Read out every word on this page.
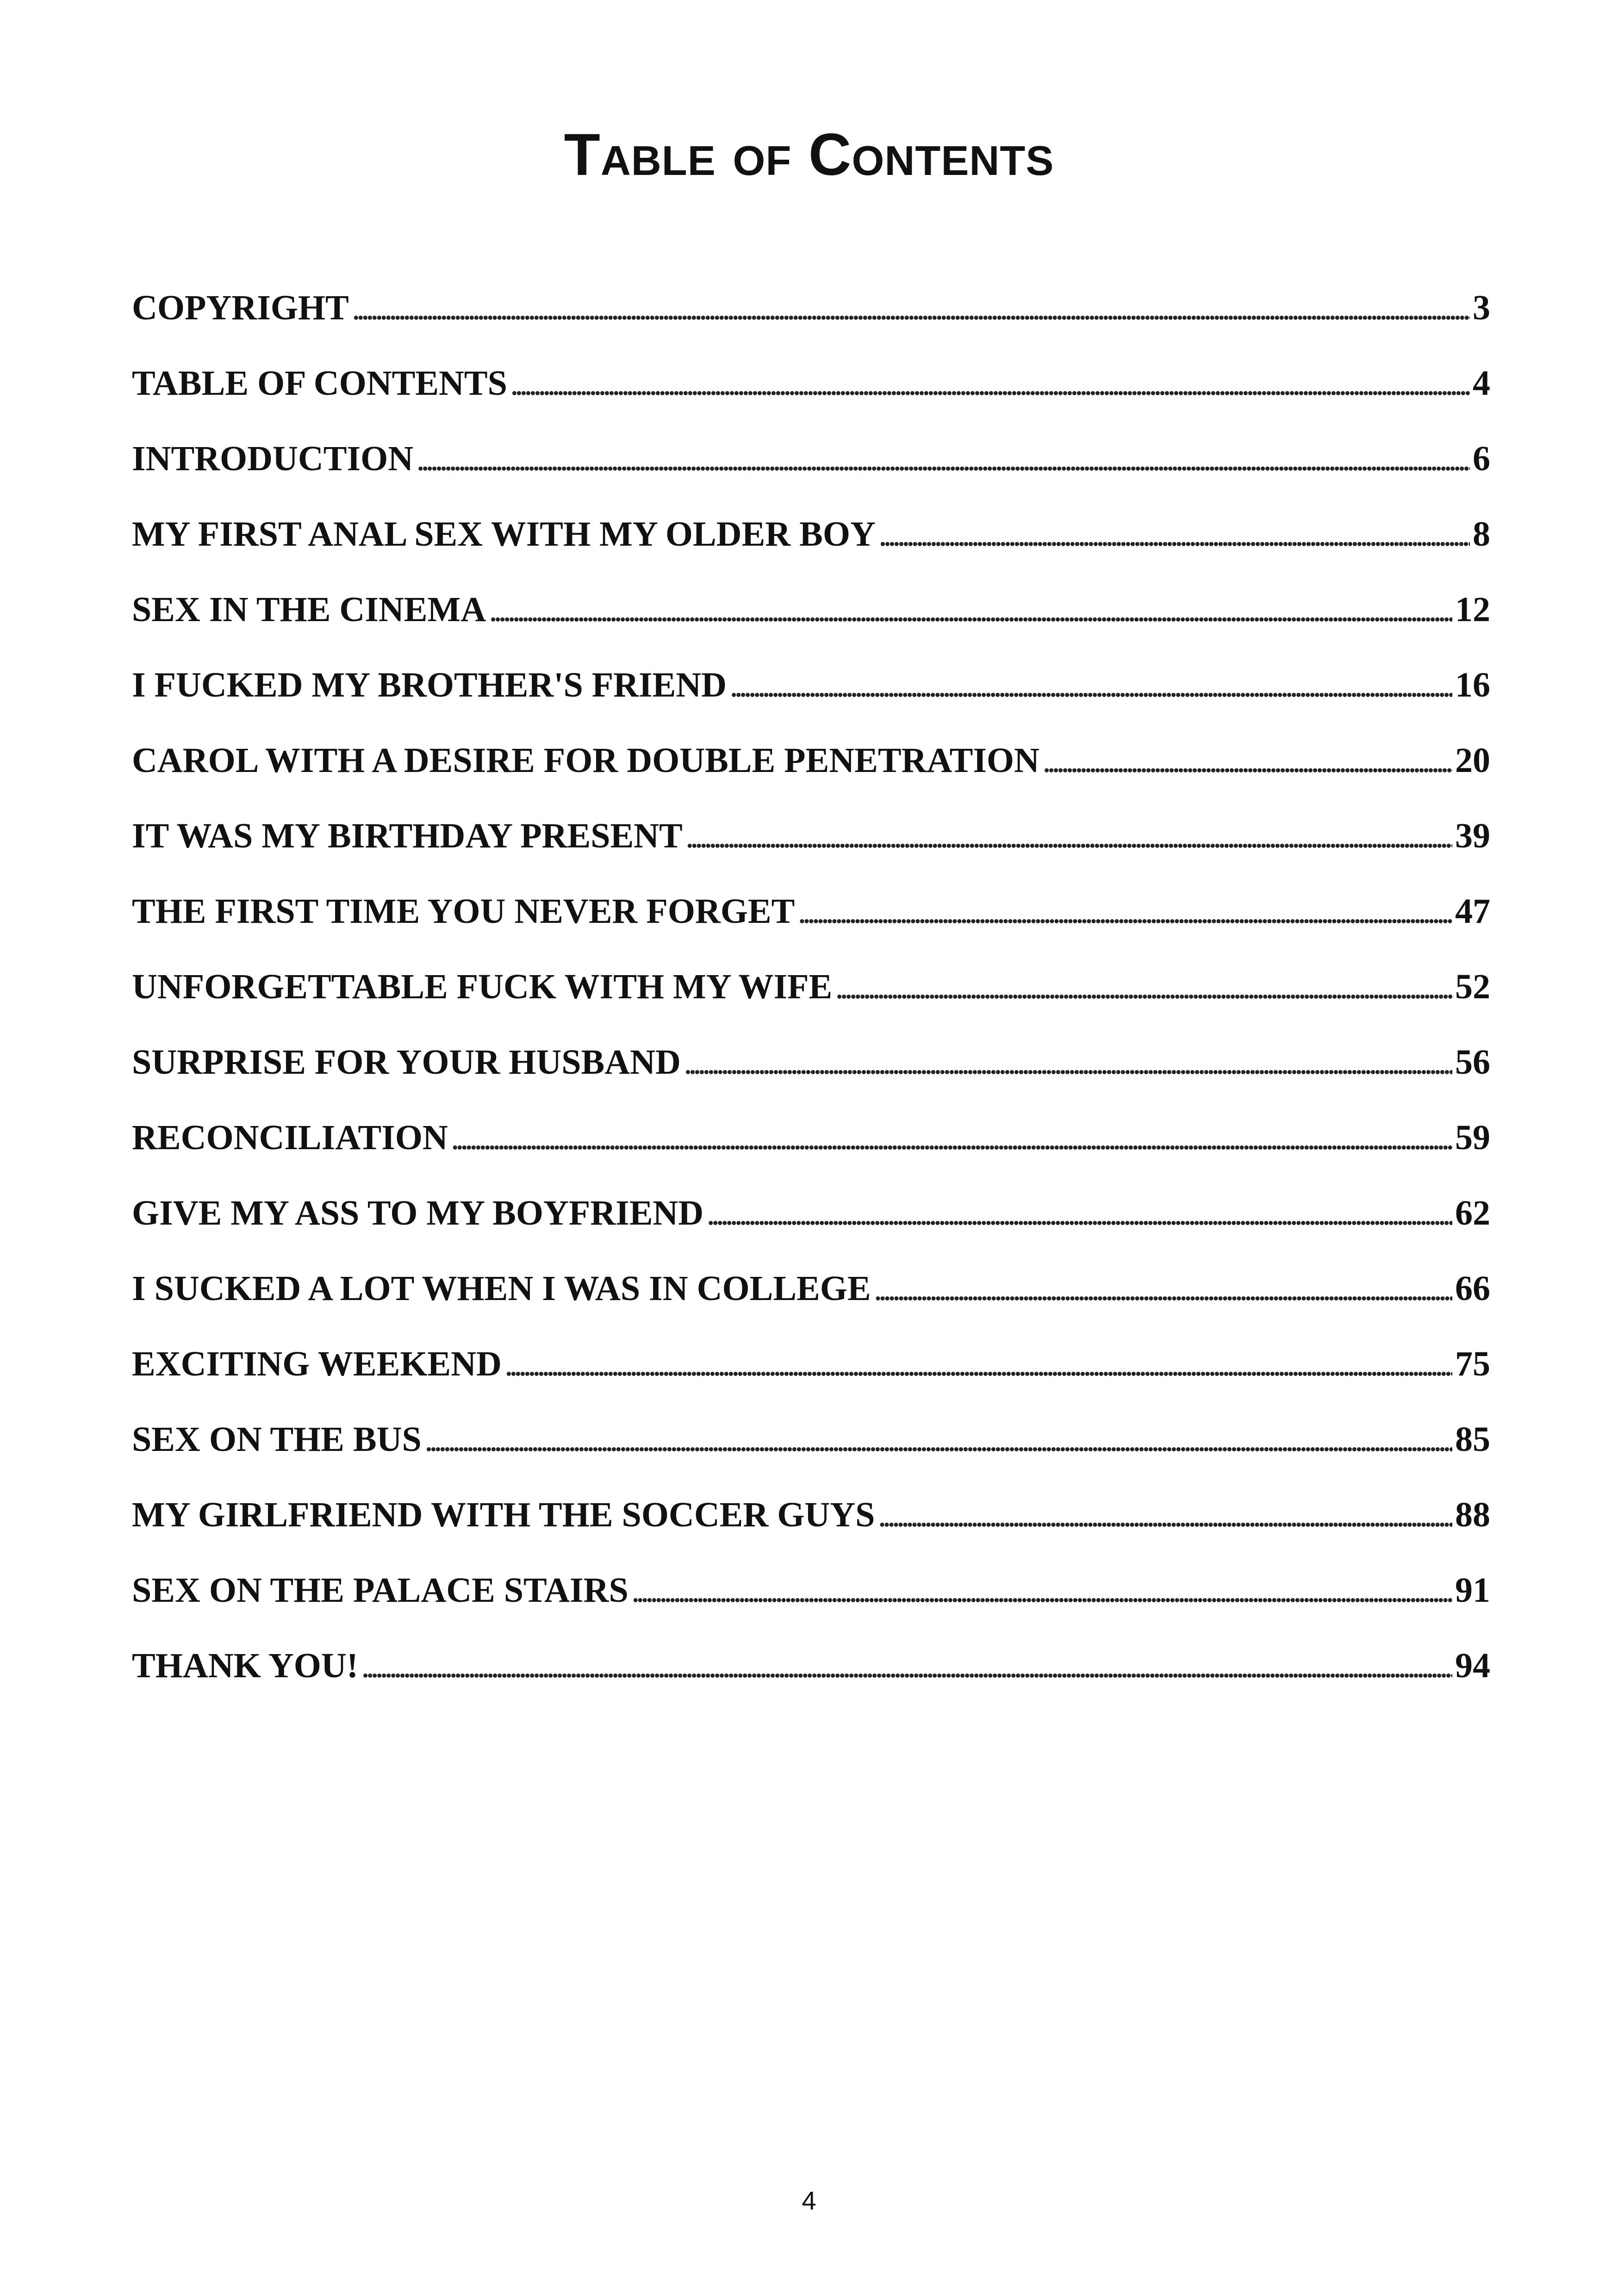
Table of Contents
COPYRIGHT . . .	3
TABLE OF CONTENTS . . .	4
INTRODUCTION . . .	6
MY FIRST ANAL SEX WITH MY OLDER BOY . . .	8
SEX IN THE CINEMA . . .	12
I FUCKED MY BROTHER'S FRIEND . . .	16
CAROL WITH A DESIRE FOR DOUBLE PENETRATION . . .	20
IT WAS MY BIRTHDAY PRESENT . . .	39
THE FIRST TIME YOU NEVER FORGET . . .	47
UNFORGETTABLE FUCK WITH MY WIFE . . .	52
SURPRISE FOR YOUR HUSBAND . . .	56
RECONCILIATION . . .	59
GIVE MY ASS TO MY BOYFRIEND . . .	62
I SUCKED A LOT WHEN I WAS IN COLLEGE . . .	66
EXCITING WEEKEND . . .	75
SEX ON THE BUS . . .	85
MY GIRLFRIEND WITH THE SOCCER GUYS . . .	88
SEX ON THE PALACE STAIRS . . .	91
THANK YOU! . . .	94

4
